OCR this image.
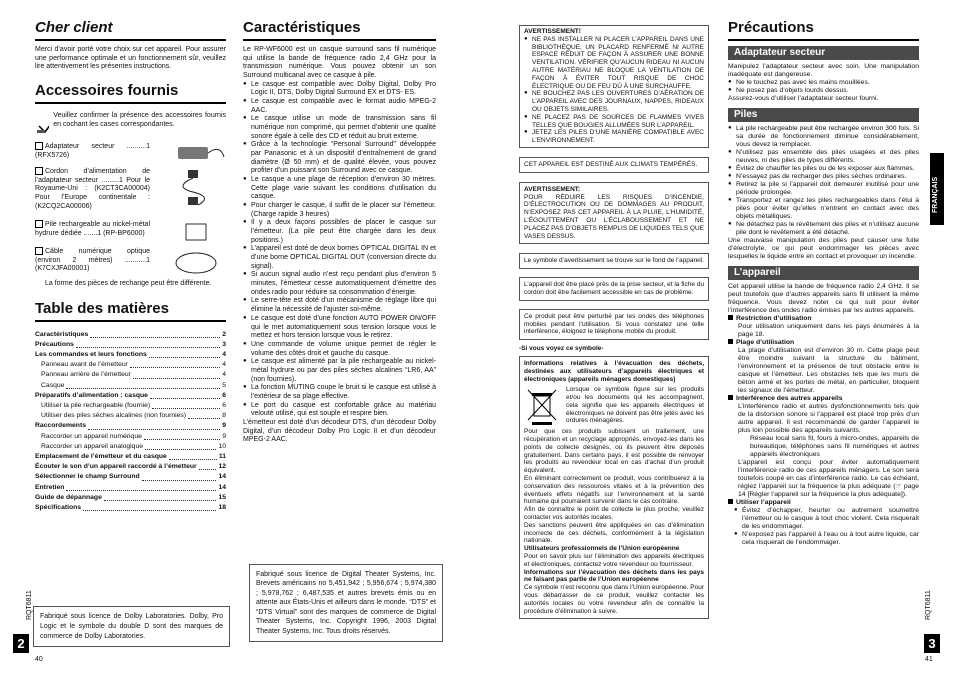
Cher client

Merci d’avoir porté votre choix sur cet appareil. Pour assurer une performance optimale et un fonctionnement sûr, veuillez lire attentivement les présentes instructions.

Accessoires fournis

Veuillez confirmer la présence des accessoires fournis en cochant les cases correspondantes.

Adaptateur secteur ..........1 (RFX5726)

Cordon d’alimentation de l’adaptateur secteur .........1 Pour le Royaume-Uni : (K2CT3CA00004) Pour l’Europe continentale : (K2CQ2CA00006)

Pile rechargeable au nickel-métal hydrure dédiée .......1 (RP-BP6000)

Câble numérique optique (environ 2 mètres) ...........1 (K7CXJFA00001)

La forme des pièces de rechange peut être différente.

Table des matières
Caractéristiques	2
Précautions	3
Les commandes et leurs fonctions	4
Panneau avant de l’émetteur	4
Panneau arrière de l’émetteur	4
Casque	5
Préparatifs d’alimentation : casque	6
Utiliser la pile rechargeable (fournie)	6
Utiliser des piles sèches alcalines (non fournies)	8
Raccordements	9
Raccorder un appareil numérique	9
Raccorder un appareil analogique	10
Emplacement de l’émetteur et du casque	11
Écouter le son d’un appareil raccordé à l’émetteur	12
Sélectionner le champ Surround	14
Entretien	14
Guide de dépannage	15
Spécifications	18

Fabriqué sous licence de Dolby Laboratories. Dolby, Pro Logic et le symbole du double D sont des marques de commerce de Dolby Laboratories.

RQT6811
2
40
Caractéristiques

Le RP-WF6000 est un casque surround sans fil numérique qui utilise la bande de fréquence radio 2,4 GHz pour la transmission numérique. Vous pouvez obtenir un son Surround multicanal avec ce casque à pile.

● Le casque est compatible avec Dolby Digital, Dolby Pro Logic II, DTS, Dolby Digital Surround EX et DTS- ES.

● Le casque est compatible avec le format audio MPEG-2 AAC.

● Le casque utilise un mode de transmission sans fil numérique non comprimé, qui permet d’obtenir une qualité sonore égale à celle des CD et réduit au bruit externe.

● Grâce à la technologie “Personal Surround” développée par Panasonic et à un dispositif d’entraînement de grand diamètre (Ø 50 mm) et de qualité élevée, vous pouvez profiter d’un puissant son Surround avec ce casque.

● Le casque a une plage de réception d’environ 30 mètres. Cette plage varie suivant les conditions d’utilisation du casque.

● Pour charger le casque, il suffit de le placer sur l’émetteur. (Charge rapide 3 heures)

● Il y a deux façons possibles de placer le casque sur l’émetteur. (La pile peut être chargée dans les deux positions.)

● L’appareil est doté de deux bornes OPTICAL DIGITAL IN et d’une borne OPTICAL DIGITAL OUT (conversion directe du signal).

● Si aucun signal audio n’est reçu pendant plus d’environ 5 minutes, l’émetteur cesse automatiquement d’émettre des ondes radio pour réduire sa consommation d’énergie.

● Le serre-tête est doté d’un mécanisme de réglage libre qui élimine la nécessité de l’ajuster soi-même.

● Le casque est doté d’une fonction AUTO POWER ON/OFF qui le met automatiquement sous tension lorsque vous le mettez et hors tension lorsque vous le retirez.

● Une commande de volume unique permet de régler le volume des côtés droit et gauche du casque.

● Le casque est alimenté par la pile rechargeable au nickel-métal hydrure ou par des piles sèches alcalines “LR6, AA” (non fournies).

● La fonction MUTING coupe le bruit si le casque est utilisé à l’extérieur de sa plage effective.

● Le port du casque est confortable grâce au matériau velouté utilisé, qui est souple et respire bien.

L’émetteur est doté d’un décodeur DTS, d’un décodeur Dolby Digital, d’un décodeur Dolby Pro Logic II et d’un décodeur MPEG-2 AAC.

Fabriqué sous licence de Digital Theater Systems, Inc. Brevets américains no 5,451,942 ; 5,956,674 ; 5,974,380 ; 5,978,762 ; 6,487,535 et autres brevets émis ou en attente aux États-Unis et ailleurs dans le monde. “DTS” et “DTS Virtual” sont des marques de commerce de Digital Theater Systems, Inc. Copyright 1996, 2003 Digital Theater Systems, Inc. Tous droits réservés.

AVERTISSEMENT!

● NE PAS INSTALLER NI PLACER L’APPAREIL DANS UNE BIBLIOTHÈQUE, UN PLACARD RENFERMÉ NI AUTRE ESPACE RÉDUIT DE FAÇON À ASSURER UNE BONNE VENTILATION. VÉRIFIER QU’AUCUN RIDEAU NI AUCUN AUTRE MATÉRIAU NE BLOQUE LA VENTILATION DE FAÇON À ÉVITER TOUT RISQUE DE CHOC ÉLECTRIQUE OU DE FEU DÛ À UNE SURCHAUFFE.

● NE BOUCHEZ PAS LES OUVERTURES D’AÉRATION DE L’APPAREIL AVEC DES JOURNAUX, NAPPES, RIDEAUX OU OBJETS SIMILAIRES.

● NE PLACEZ PAS DE SOURCES DE FLAMMES VIVES TELLES QUE BOUGIES ALLUMÉES SUR L’APPAREIL.

● JETEZ LES PILES D’UNE MANIÈRE COMPATIBLE AVEC L’ENVIRONNEMENT.

CET APPAREIL EST DESTINÉ AUX CLIMATS TEMPÉRÉS.

AVERTISSEMENT:

POUR RÉDUIRE LES RISQUES D’INCENDIE, D’ÉLECTROCUTION OU DE DOMMAGES AU PRODUIT, N’EXPOSEZ PAS CET APPAREIL À LA PLUIE, L’HUMIDITÉ, L’ÉGOUTTEMENT OU L’ÉCLABOUSSEMENT ET NE PLACEZ PAS D’OBJETS REMPLIS DE LIQUIDES TELS QUE VASES DESSUS.

Le symbole d’avertissement se trouve sur le fond de l’appareil.

L’appareil doit être placé près de la prise secteur, et la fiche du cordon doit être facilement accessible en cas de problème.

Ce produit peut être perturbé par les ondes des téléphones mobiles pendant l’utilisation. Si vous constatez une telle interférence, éloignez le téléphone mobile du produit.

-Si vous voyez ce symbole-

Informations relatives à l’évacuation des déchets, destinées aux utilisateurs d’appareils électriques et électroniques (appareils ménagers domestiques)

Lorsque ce symbole figure sur les produits et/ou les documents qui les accompagnent, cela signifie que les appareils électriques et électroniques ne doivent pas être jetés avec les ordures ménagères.

Pour que ces produits subissent un traitement, une récupération et un recyclage appropriés, envoyez-les dans les points de collecte désignés, où ils peuvent être déposés gratuitement. Dans certains pays, il est possible de renvoyer les produits au revendeur local en cas d’achat d’un produit équivalent.

En éliminant correctement ce produit, vous contribuerez à la conservation des ressources vitales et à la prévention des éventuels effets négatifs sur l’environnement et la santé humaine qui pourraient survenir dans le cas contraire.

Afin de connaître le point de collecte le plus proche, veuillez contacter vos autorités locales.

Des sanctions peuvent être appliquées en cas d’élimination incorrecte de ces déchets, conformément à la législation nationale.

Utilisateurs professionnels de l’Union européenne

Pour en savoir plus sur l’élimination des appareils électriques et électroniques, contactez votre revendeur ou fournisseur.

Informations sur l’évacuation des déchets dans les pays ne faisant pas partie de l’Union européenne

Ce symbole n’est reconnu que dans l’Union européenne. Pour vous débarrasser de ce produit, veuillez contacter les autorités locales ou votre revendeur afin de connaître la procédure d’élimination à suivre.

Précautions
Adaptateur secteur

Manipulez l’adaptateur secteur avec soin. Une manipulation inadéquate est dangereuse.

● Ne le touchez pas avec les mains mouillées.

● Ne posez pas d’objets lourds dessus.

Assurez-vous d’utiliser l’adaptateur secteur fourni.

Piles

● La pile rechargeable peut être rechargée environ 300 fois. Si sa durée de fonctionnement diminue considérablement, vous devez la remplacer.

● N’utilisez pas ensemble des piles usagées et des piles neuves, ni des piles de types différents.

● Évitez de chauffer les piles ou de les exposer aux flammes.

● N’essayez pas de recharger des piles sèches ordinaires.

● Retirez la pile si l’appareil doit demeurer inutilisé pour une période prolongée.

● Transportez et rangez les piles rechargeables dans l’étui à piles pour éviter qu’elles n’entrent en contact avec des objets métalliques.

● Ne détachez pas le revêtement des piles et n’utilisez aucune pile dont le revêtement a été détaché.

Une mauvaise manipulation des piles peut causer une fuite d’électrolyte, ce qui peut endommager les pièces avec lesquelles le liquide entre en contact et provoquer un incendie.

L’appareil

Cet appareil utilise la bande de fréquence radio 2,4 GHz. Il se peut toutefois que d’autres appareils sans fil utilisent la même fréquence. Vous devez noter ce qui suit pour éviter l’interférence des ondes radio émises par les autres appareils.

Restriction d’utilisation

Pour utilisation uniquement dans les pays énumérés à la page 18.

Plage d’utilisation

La plage d’utilisation est d’environ 30 m. Cette plage peut être moindre suivant la structure du bâtiment, l’environnement et la présence de tout obstacle entre le casque et l’émetteur. Les obstacles tels que les murs de béton armé et les portes de métal, en particulier, bloquent les signaux de l’émetteur.

Interférence des autres appareils

L’interférence radio et autres dysfonctionnements tels que de la distorsion sonore si l’appareil est placé trop près d’un autre appareil. Il est recommandé de garder l’appareil le plus loin possible des appareils suivants.

Réseau local sans fil, fours à micro-ondes, appareils de bureautique, téléphones sans fil numériques et autres appareils électroniques

L’appareil est conçu pour éviter automatiquement l’interférence radio de ces appareils ménagers. Le son sera toutefois coupé en cas d’interférence radio. Le cas échéant, réglez l’appareil sur la fréquence la plus adéquate (☞ page 14 [Régler l’appareil sur la fréquence la plus adéquate]).

Utiliser l’appareil

● Évitez d’échapper, heurter ou autrement soumettre l’émetteur ou le casque à tout choc violent. Cela risquerait de les endommager.

● N’exposez pas l’appareil à l’eau ou à tout autre liquide, car cela risquerait de l’endommager.

FRANÇAIS
RQT6811
3
41
